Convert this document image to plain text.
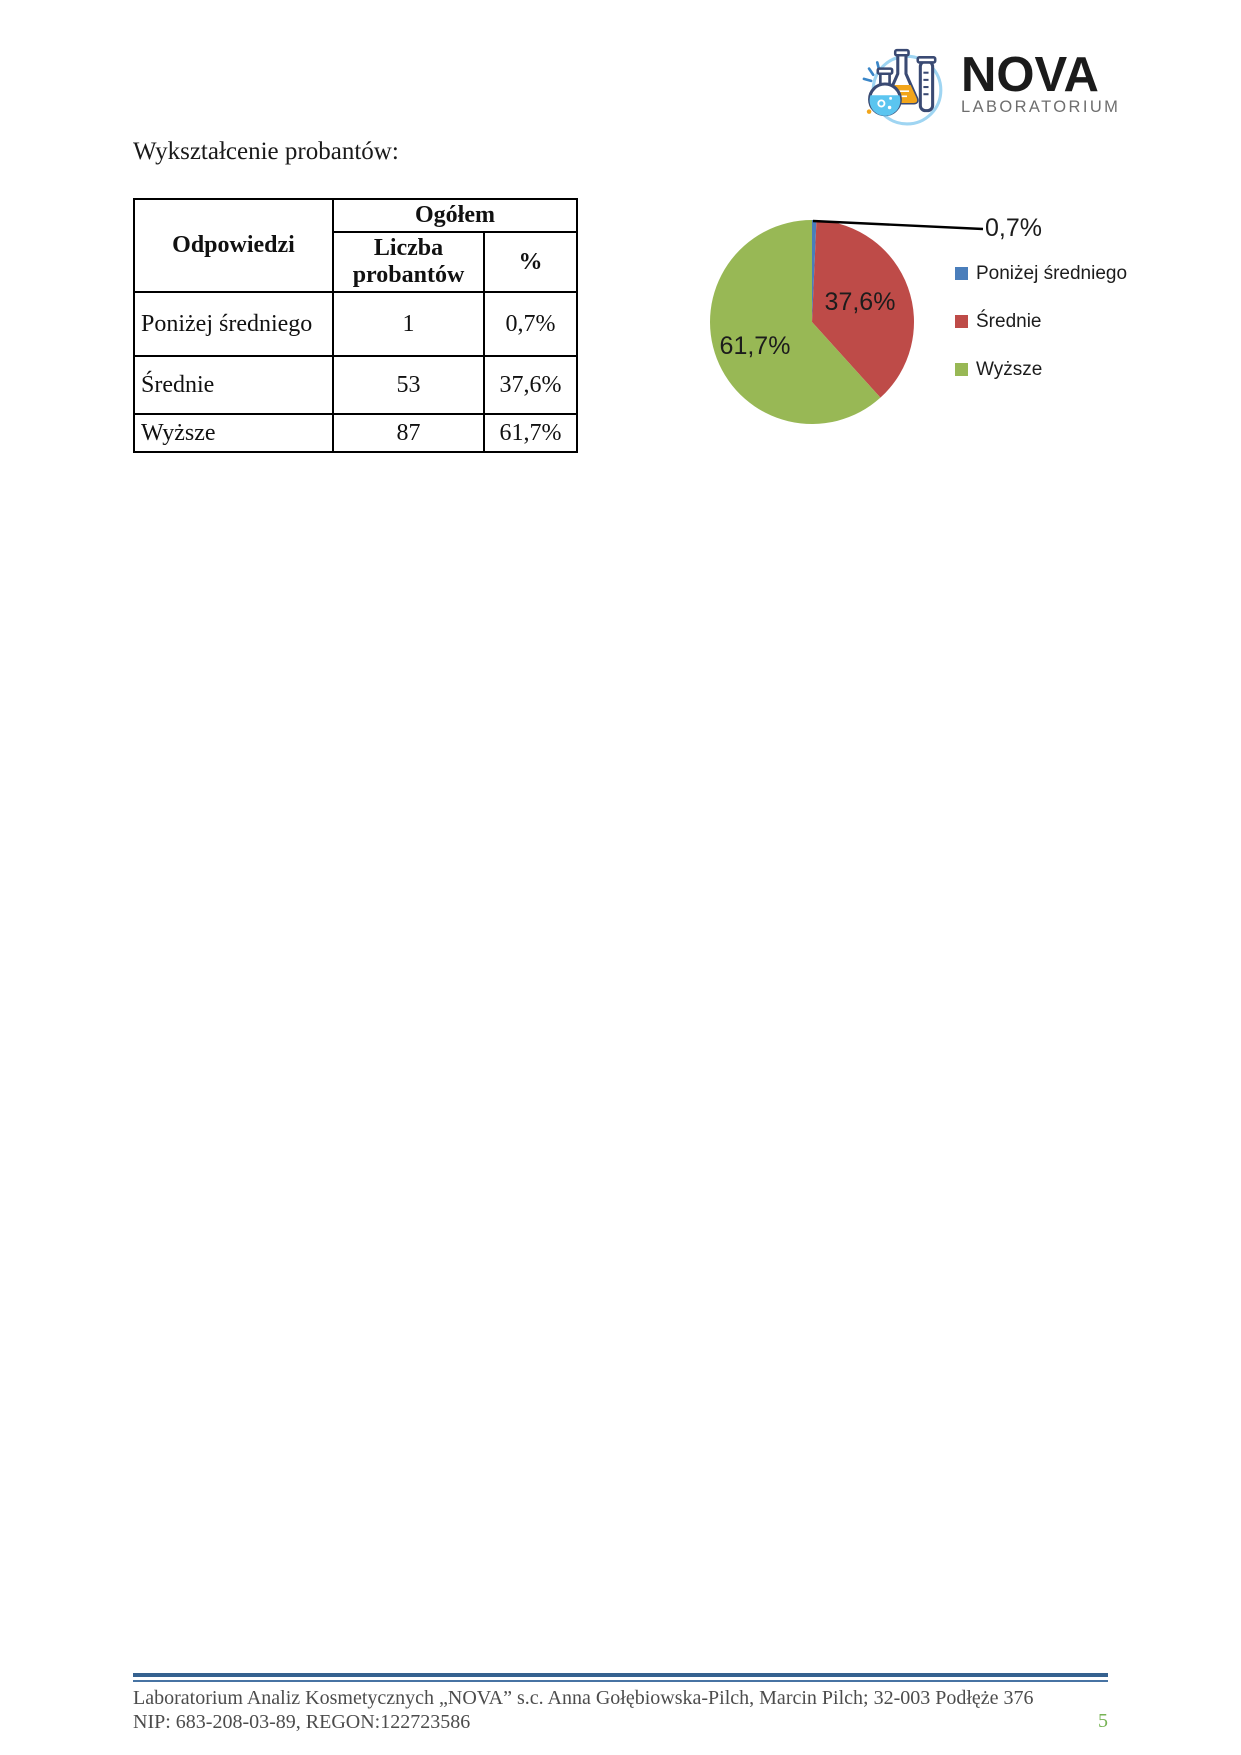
NOVA
LABORATORIUM
Wykształcenie probantów:
Odpowiedzi	Ogółem	
	Liczba probantów	%
Poniżej średniego	1	0,7%
Średnie	53	37,6%
Wyższe	87	61,7%
0,7%
37,6%
61,7%
Poniżej średniego
Średnie
Wyższe
Laboratorium Analiz Kosmetycznych „NOVA” s.c. Anna Gołębiowska-Pilch, Marcin Pilch; 32-003 Podłęże 376
NIP: 683-208-03-89, REGON:122723586	5
